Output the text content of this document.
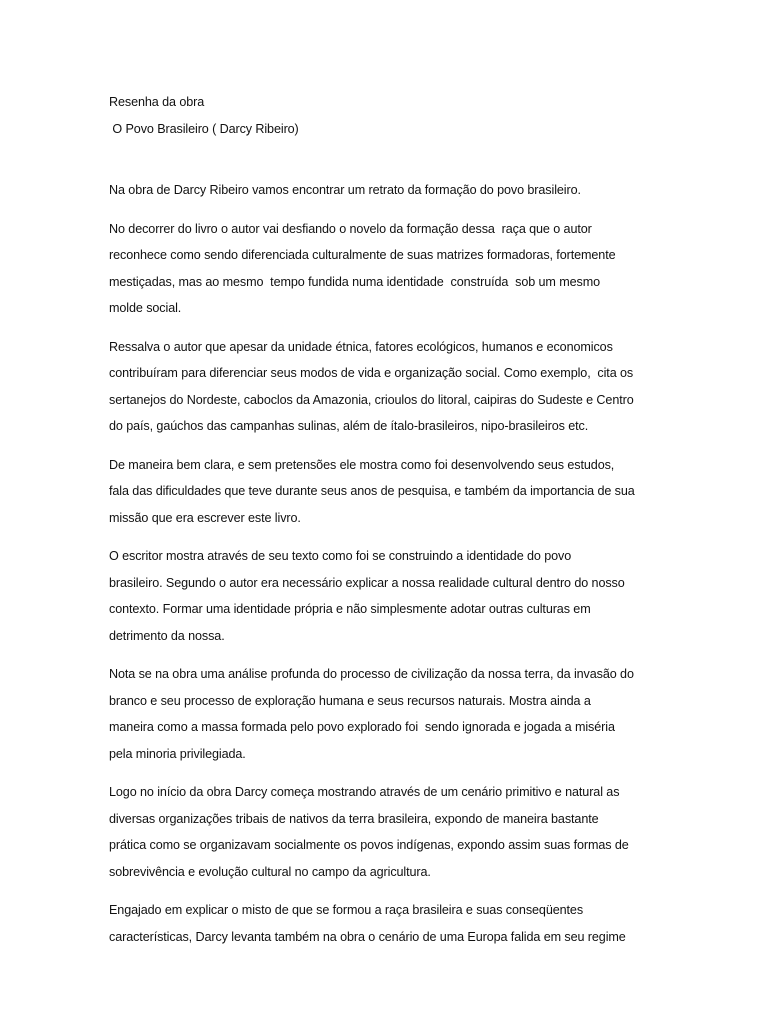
Resenha da obra
O Povo Brasileiro ( Darcy Ribeiro)
Na obra de Darcy Ribeiro vamos encontrar um retrato da formação do povo brasileiro.
No decorrer do livro o autor vai desfiando o novelo da formação dessa  raça que o autor
reconhece como sendo diferenciada culturalmente de suas matrizes formadoras, fortemente
mestiçadas, mas ao mesmo  tempo fundida numa identidade  construída  sob um mesmo
molde social.
Ressalva o autor que apesar da unidade étnica, fatores ecológicos, humanos e economicos
contribuíram para diferenciar seus modos de vida e organização social. Como exemplo,  cita os
sertanejos do Nordeste, caboclos da Amazonia, crioulos do litoral, caipiras do Sudeste e Centro
do país, gaúchos das campanhas sulinas, além de ítalo-brasileiros, nipo-brasileiros etc.
De maneira bem clara, e sem pretensões ele mostra como foi desenvolvendo seus estudos,
fala das dificuldades que teve durante seus anos de pesquisa, e também da importancia de sua
missão que era escrever este livro.
O escritor mostra através de seu texto como foi se construindo a identidade do povo
brasileiro. Segundo o autor era necessário explicar a nossa realidade cultural dentro do nosso
contexto. Formar uma identidade própria e não simplesmente adotar outras culturas em
detrimento da nossa.
Nota se na obra uma análise profunda do processo de civilização da nossa terra, da invasão do
branco e seu processo de exploração humana e seus recursos naturais. Mostra ainda a
maneira como a massa formada pelo povo explorado foi  sendo ignorada e jogada a miséria
pela minoria privilegiada.
Logo no início da obra Darcy começa mostrando através de um cenário primitivo e natural as
diversas organizações tribais de nativos da terra brasileira, expondo de maneira bastante
prática como se organizavam socialmente os povos indígenas, expondo assim suas formas de
sobrevivência e evolução cultural no campo da agricultura.
Engajado em explicar o misto de que se formou a raça brasileira e suas conseqüentes
características, Darcy levanta também na obra o cenário de uma Europa falida em seu regime
